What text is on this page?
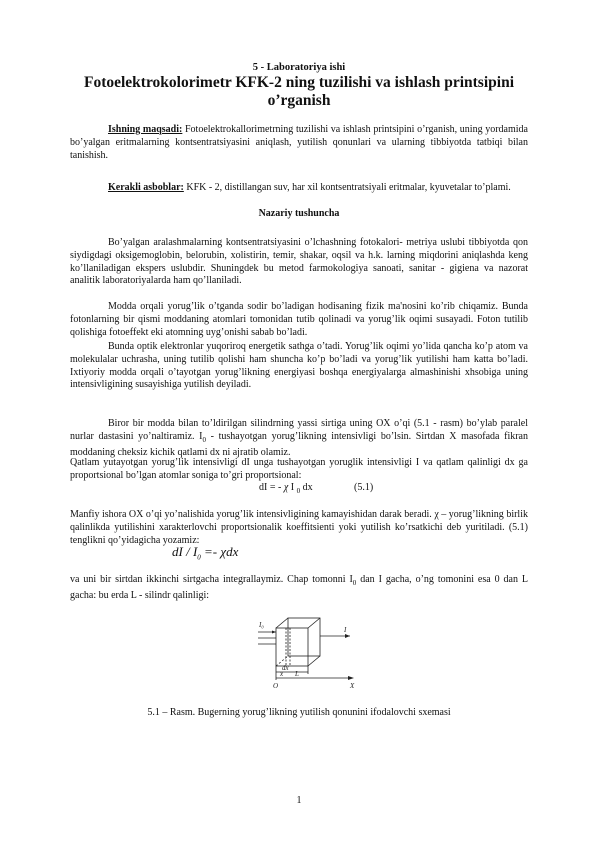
5 - Laboratoriya ishi
Fotoelektrokolorimetr KFK-2 ning tuzilishi va ishlash printsipini o’rganish
Ishning maqsadi: Fotoelektrokallorimetrning tuzilishi va ishlash printsipini o’rganish, uning yordamida bo’yalgan eritmalarning kontsentratsiyasini aniqlash, yutilish qonunlari va ularning tibbiyotda tatbiqi bilan tanishish.
Kerakli asboblar: KFK - 2, distillangan suv, har xil kontsentratsiyali eritmalar, kyuvetalar to’plami.
Nazariy tushuncha
Bo’yalgan aralashmalarning kontsentratsiyasini o’lchashning fotokalori- metriya uslubi tibbiyotda qon siydigdagi oksigemoglobin, belorubin, xolistirin, temir, shakar, oqsil va h.k. larning miqdorini aniqlashda keng ko’llaniladigan ekspers uslubdir. Shuningdek bu metod farmokologiya sanoati, sanitar - gigiena va nazorat analitik laboratoriyalarda ham qo’llaniladi.
Modda orqali yorug’lik o’tganda sodir bo’ladigan hodisaning fizik ma'nosini ko’rib chiqamiz. Bunda fotonlarning bir qismi moddaning atomlari tomonidan tutib qolinadi va yorug’lik oqimi susayadi. Foton tutilib qolishiga fotoeffekt eki atomning uyg’onishi sabab bo’ladi.
Bunda optik elektronlar yuqoriroq energetik sathga o’tadi. Yorug’lik oqimi yo’lida qancha ko’p atom va molekulalar uchrasha, uning tutilib qolishi ham shuncha ko’p bo’ladi va yorug’lik yutilishi ham katta bo’ladi. Ixtiyoriy modda orqali o’tayotgan yorug’likning energiyasi boshqa energiyalarga almashinishi xhsobiga uning intensivligining susayishiga yutilish deyiladi.
Biror bir modda bilan to’ldirilgan silindrning yassi sirtiga uning OX o’qi (5.1 - rasm) bo’ylab paralel nurlar dastasini yo’naltiramiz. $I_0$ - tushayotgan yorug’likning intensivligi bo’lsin. Sirtdan X masofada fikran moddaning cheksiz kichik qatlami dx ni ajratib olamiz.
Qatlam yutayotgan yorug’lik intensivligi dI unga tushayotgan yoruglik intensivligi I va qatlam qalinligi dx ga proportsional bo’lgan atomlar soniga to’gri proportsional:
dI = - χ I $_0$ dx	(5.1)
Manfiy ishora OX o’qi yo’nalishida yorug’lik intensivligining kamayishidan darak beradi. χ – yorug’likning birlik qalinlikda yutilishini xarakterlovchi proportsionalik koeffitsienti yoki yutilish ko’rsatkichi deb yuritiladi. (5.1) tenglikni qo’yidagicha yozamiz:
dI / $I_0 =- \chi dx$
va uni bir sirtdan ikkinchi sirtgacha integrallaymiz. Chap tomonni $I_0$ dan I gacha, o’ng tomonini esa 0 dan L gacha: bu erda L - silindr qalinligi:
I₀
I
dx
x L
O	X
5.1 – Rasm. Bugerning yorug’likning yutilish qonunini ifodalovchi sxemasi
1
